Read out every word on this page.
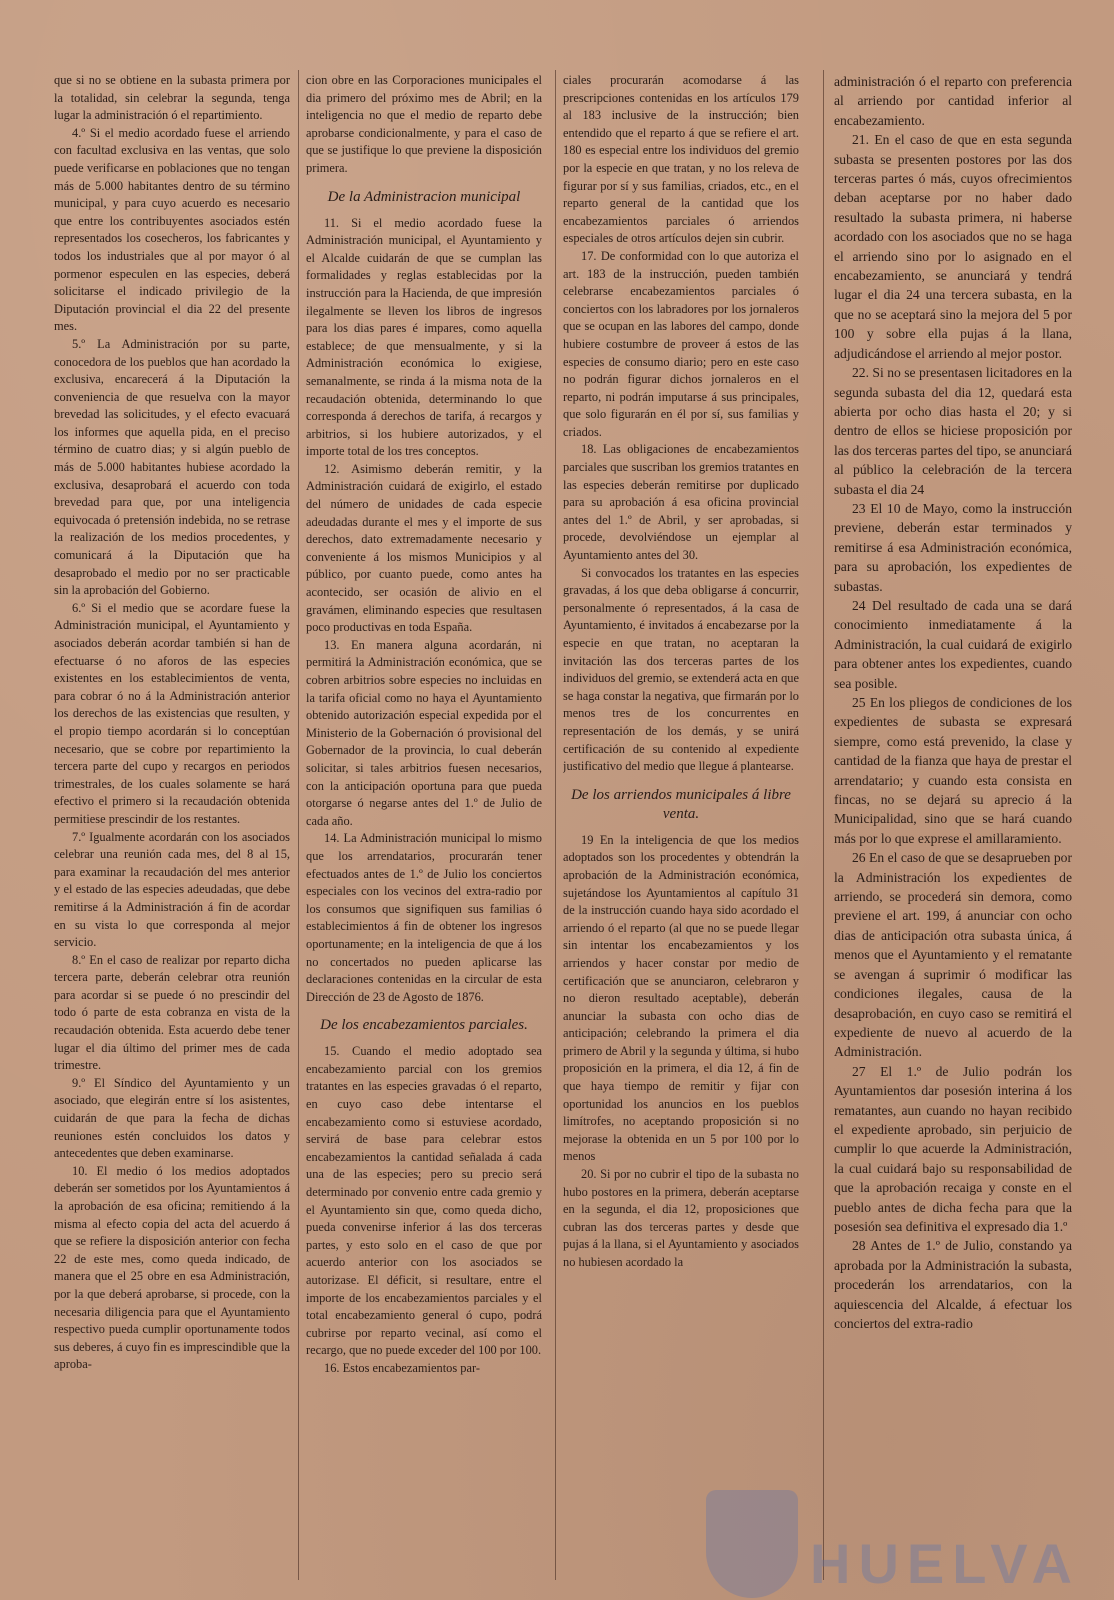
que si no se obtiene en la subasta primera por la totalidad, sin celebrar la segunda, tenga lugar la administración ó el repartimiento.

4.º Si el medio acordado fuese el arriendo con facultad exclusiva en las ventas, que solo puede verificarse en poblaciones que no tengan más de 5.000 habitantes dentro de su término municipal, y para cuyo acuerdo es necesario que entre los contribuyentes asociados estén representados los cosecheros, los fabricantes y todos los industriales que al por mayor ó al pormenor especulen en las especies, deberá solicitarse el indicado privilegio de la Diputación provincial el dia 22 del presente mes.

5.º La Administración por su parte, conocedora de los pueblos que han acordado la exclusiva, encarecerá á la Diputación la conveniencia de que resuelva con la mayor brevedad las solicitudes, y el efecto evacuará los informes que aquella pida, en el preciso término de cuatro dias; y si algún pueblo de más de 5.000 habitantes hubiese acordado la exclusiva, desaprobará el acuerdo con toda brevedad para que, por una inteligencia equivocada ó pretensión indebida, no se retrase la realización de los medios procedentes, y comunicará á la Diputación que ha desaprobado el medio por no ser practicable sin la aprobación del Gobierno.

6.º Si el medio que se acordare fuese la Administración municipal, el Ayuntamiento y asociados deberán acordar también si han de efectuarse ó no aforos de las especies existentes en los establecimientos de venta, para cobrar ó no á la Administración anterior los derechos de las existencias que resulten, y el propio tiempo acordarán si lo conceptúan necesario, que se cobre por repartimiento la tercera parte del cupo y recargos en periodos trimestrales, de los cuales solamente se hará efectivo el primero si la recaudación obtenida permitiese prescindir de los restantes.

7.º Igualmente acordarán con los asociados celebrar una reunión cada mes, del 8 al 15, para examinar la recaudación del mes anterior y el estado de las especies adeudadas, que debe remitirse á la Administración á fin de acordar en su vista lo que corresponda al mejor servicio.

8.º En el caso de realizar por reparto dicha tercera parte, deberán celebrar otra reunión para acordar si se puede ó no prescindir del todo ó parte de esta cobranza en vista de la recaudación obtenida. Esta acuerdo debe tener lugar el dia último del primer mes de cada trimestre.

9.º El Síndico del Ayuntamiento y un asociado, que elegirán entre sí los asistentes, cuidarán de que para la fecha de dichas reuniones estén concluidos los datos y antecedentes que deben examinarse.

10. El medio ó los medios adoptados deberán ser sometidos por los Ayuntamientos á la aprobación de esa oficina; remitiendo á la misma al efecto copia del acta del acuerdo á que se refiere la disposición anterior con fecha 22 de este mes, como queda indicado, de manera que el 25 obre en esa Administración, por la que deberá aprobarse, si procede, con la necesaria diligencia para que el Ayuntamiento respectivo pueda cumplir oportunamente todos sus deberes, á cuyo fin es imprescindible que la aproba-

cion obre en las Corporaciones municipales el dia primero del próximo mes de Abril; en la inteligencia no que el medio de reparto debe aprobarse condicionalmente, y para el caso de que se justifique lo que previene la disposición primera.

De la Administracion municipal

11. Si el medio acordado fuese la Administración municipal, el Ayuntamiento y el Alcalde cuidarán de que se cumplan las formalidades y reglas establecidas por la instrucción para la Hacienda, de que impresión ilegalmente se lleven los libros de ingresos para los dias pares é impares, como aquella establece; de que mensualmente, y si la Administración económica lo exigiese, semanalmente, se rinda á la misma nota de la recaudación obtenida, determinando lo que corresponda á derechos de tarifa, á recargos y arbitrios, si los hubiere autorizados, y el importe total de los tres conceptos.

12. Asimismo deberán remitir, y la Administración cuidará de exigirlo, el estado del número de unidades de cada especie adeudadas durante el mes y el importe de sus derechos, dato extremadamente necesario y conveniente á los mismos Municipios y al público, por cuanto puede, como antes ha acontecido, ser ocasión de alivio en el gravámen, eliminando especies que resultasen poco productivas en toda España.

13. En manera alguna acordarán, ni permitirá la Administración económica, que se cobren arbitrios sobre especies no incluidas en la tarifa oficial como no haya el Ayuntamiento obtenido autorización especial expedida por el Ministerio de la Gobernación ó provisional del Gobernador de la provincia, lo cual deberán solicitar, si tales arbitrios fuesen necesarios, con la anticipación oportuna para que pueda otorgarse ó negarse antes del 1.º de Julio de cada año.

14. La Administración municipal lo mismo que los arrendatarios, procurarán tener efectuados antes de 1.º de Julio los conciertos especiales con los vecinos del extra-radio por los consumos que signifiquen sus familias ó establecimientos á fin de obtener los ingresos oportunamente; en la inteligencia de que á los no concertados no pueden aplicarse las declaraciones contenidas en la circular de esta Dirección de 23 de Agosto de 1876.

De los encabezamientos parciales.

15. Cuando el medio adoptado sea encabezamiento parcial con los gremios tratantes en las especies gravadas ó el reparto, en cuyo caso debe intentarse el encabezamiento como si estuviese acordado, servirá de base para celebrar estos encabezamientos la cantidad señalada á cada una de las especies; pero su precio será determinado por convenio entre cada gremio y el Ayuntamiento sin que, como queda dicho, pueda convenirse inferior á las dos terceras partes, y esto solo en el caso de que por acuerdo anterior con los asociados se autorizase. El déficit, si resultare, entre el importe de los encabezamientos parciales y el total encabezamiento general ó cupo, podrá cubrirse por reparto vecinal, así como el recargo, que no puede exceder del 100 por 100.

16. Estos encabezamientos par-

ciales procurarán acomodarse á las prescripciones contenidas en los artículos 179 al 183 inclusive de la instrucción; bien entendido que el reparto á que se refiere el art. 180 es especial entre los individuos del gremio por la especie en que tratan, y no los releva de figurar por sí y sus familias, criados, etc., en el reparto general de la cantidad que los encabezamientos parciales ó arriendos especiales de otros artículos dejen sin cubrir.

17. De conformidad con lo que autoriza el art. 183 de la instrucción, pueden también celebrarse encabezamientos parciales ó conciertos con los labradores por los jornaleros que se ocupan en las labores del campo, donde hubiere costumbre de proveer á estos de las especies de consumo diario; pero en este caso no podrán figurar dichos jornaleros en el reparto, ni podrán imputarse á sus principales, que solo figurarán en él por sí, sus familias y criados.

18. Las obligaciones de encabezamientos parciales que suscriban los gremios tratantes en las especies deberán remitirse por duplicado para su aprobación á esa oficina provincial antes del 1.º de Abril, y ser aprobadas, si procede, devolviéndose un ejemplar al Ayuntamiento antes del 30.

Si convocados los tratantes en las especies gravadas, á los que deba obligarse á concurrir, personalmente ó representados, á la casa de Ayuntamiento, é invitados á encabezarse por la especie en que tratan, no aceptaran la invitación las dos terceras partes de los individuos del gremio, se extenderá acta en que se haga constar la negativa, que firmarán por lo menos tres de los concurrentes en representación de los demás, y se unirá certificación de su contenido al expediente justificativo del medio que llegue á plantearse.

De los arriendos municipales á libre venta.

19 En la inteligencia de que los medios adoptados son los procedentes y obtendrán la aprobación de la Administración económica, sujetándose los Ayuntamientos al capítulo 31 de la instrucción cuando haya sido acordado el arriendo ó el reparto (al que no se puede llegar sin intentar los encabezamientos y los arriendos y hacer constar por medio de certificación que se anunciaron, celebraron y no dieron resultado aceptable), deberán anunciar la subasta con ocho dias de anticipación; celebrando la primera el dia primero de Abril y la segunda y última, si hubo proposición en la primera, el dia 12, á fin de que haya tiempo de remitir y fijar con oportunidad los anuncios en los pueblos limítrofes, no aceptando proposición si no mejorase la obtenida en un 5 por 100 por lo menos

20. Si por no cubrir el tipo de la subasta no hubo postores en la primera, deberán aceptarse en la segunda, el dia 12, proposiciones que cubran las dos terceras partes y desde que pujas á la llana, si el Ayuntamiento y asociados no hubiesen acordado la

administración ó el reparto con preferencia al arriendo por cantidad inferior al encabezamiento.

21. En el caso de que en esta segunda subasta se presenten postores por las dos terceras partes ó más, cuyos ofrecimientos deban aceptarse por no haber dado resultado la subasta primera, ni haberse acordado con los asociados que no se haga el arriendo sino por lo asignado en el encabezamiento, se anunciará y tendrá lugar el dia 24 una tercera subasta, en la que no se aceptará sino la mejora del 5 por 100 y sobre ella pujas á la llana, adjudicándose el arriendo al mejor postor.

22. Si no se presentasen licitadores en la segunda subasta del dia 12, quedará esta abierta por ocho dias hasta el 20; y si dentro de ellos se hiciese proposición por las dos terceras partes del tipo, se anunciará al público la celebración de la tercera subasta el dia 24

23 El 10 de Mayo, como la instrucción previene, deberán estar terminados y remitirse á esa Administración económica, para su aprobación, los expedientes de subastas.

24 Del resultado de cada una se dará conocimiento inmediatamente á la Administración, la cual cuidará de exigirlo para obtener antes los expedientes, cuando sea posible.

25 En los pliegos de condiciones de los expedientes de subasta se expresará siempre, como está prevenido, la clase y cantidad de la fianza que haya de prestar el arrendatario; y cuando esta consista en fincas, no se dejará su aprecio á la Municipalidad, sino que se hará cuando más por lo que exprese el amillaramiento.

26 En el caso de que se desaprueben por la Administración los expedientes de arriendo, se procederá sin demora, como previene el art. 199, á anunciar con ocho dias de anticipación otra subasta única, á menos que el Ayuntamiento y el rematante se avengan á suprimir ó modificar las condiciones ilegales, causa de la desaprobación, en cuyo caso se remitirá el expediente de nuevo al acuerdo de la Administración.

27 El 1.º de Julio podrán los Ayuntamientos dar posesión interina á los rematantes, aun cuando no hayan recibido el expediente aprobado, sin perjuicio de cumplir lo que acuerde la Administración, la cual cuidará bajo su responsabilidad de que la aprobación recaiga y conste en el pueblo antes de dicha fecha para que la posesión sea definitiva el expresado dia 1.º

28 Antes de 1.º de Julio, constando ya aprobada por la Administración la subasta, procederán los arrendatarios, con la aquiescencia del Alcalde, á efectuar los conciertos del extra-radio

HUELVA
